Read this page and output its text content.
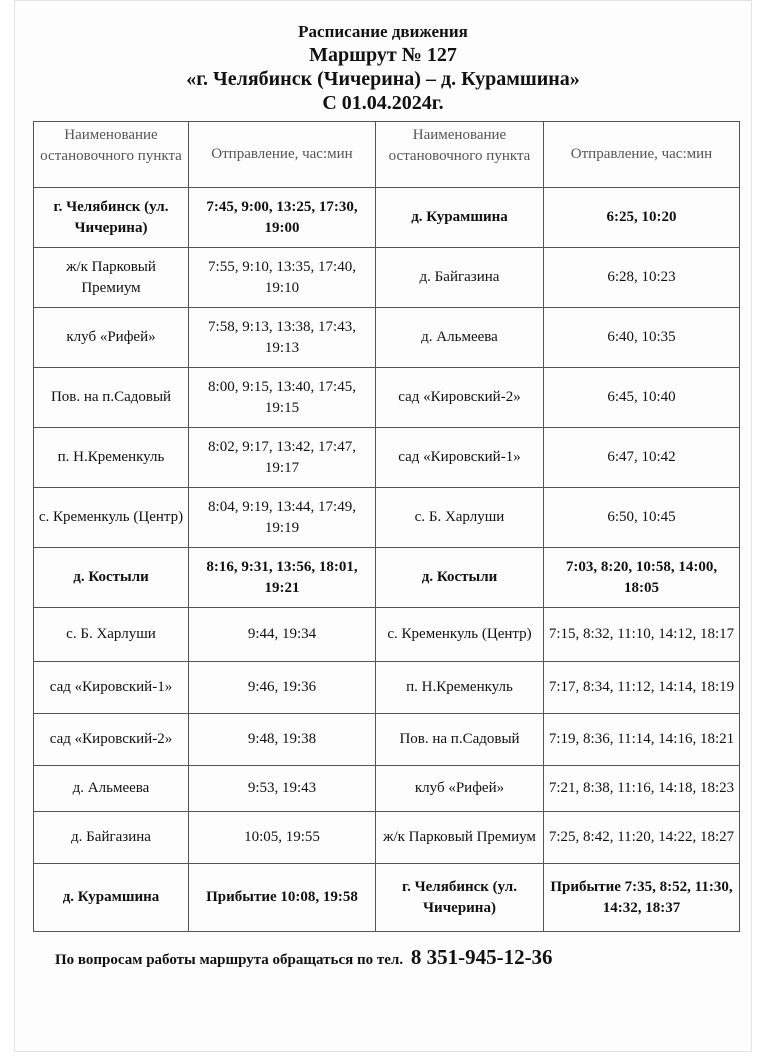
Расписание движения
Маршрут № 127
«г. Челябинск (Чичерина) – д. Курамшина»
С 01.04.2024г.
Наименование остановочного пункта	Отправление, час:мин	Наименование остановочного пункта	Отправление, час:мин
г. Челябинск (ул. Чичерина)	7:45, 9:00, 13:25, 17:30, 19:00	д. Курамшина	6:25, 10:20
ж/к Парковый Премиум	7:55, 9:10, 13:35, 17:40, 19:10	д. Байгазина	6:28, 10:23
клуб «Рифей»	7:58, 9:13, 13:38, 17:43, 19:13	д. Альмеева	6:40, 10:35
Пов. на п.Садовый	8:00, 9:15, 13:40, 17:45, 19:15	сад «Кировский-2»	6:45, 10:40
п. Н.Кременкуль	8:02, 9:17, 13:42, 17:47, 19:17	сад «Кировский-1»	6:47, 10:42
с. Кременкуль (Центр)	8:04, 9:19, 13:44, 17:49, 19:19	с. Б. Харлуши	6:50, 10:45
д. Костыли	8:16, 9:31, 13:56, 18:01, 19:21	д. Костыли	7:03, 8:20, 10:58, 14:00, 18:05
с. Б. Харлуши	9:44, 19:34	с. Кременкуль (Центр)	7:15, 8:32, 11:10, 14:12, 18:17
сад «Кировский-1»	9:46, 19:36	п. Н.Кременкуль	7:17, 8:34, 11:12, 14:14, 18:19
сад «Кировский-2»	9:48, 19:38	Пов. на п.Садовый	7:19, 8:36, 11:14, 14:16, 18:21
д. Альмеева	9:53, 19:43	клуб «Рифей»	7:21, 8:38, 11:16, 14:18, 18:23
д. Байгазина	10:05, 19:55	ж/к Парковый Премиум	7:25, 8:42, 11:20, 14:22, 18:27
д. Курамшина	Прибытие 10:08, 19:58	г. Челябинск (ул. Чичерина)	Прибытие 7:35, 8:52, 11:30, 14:32, 18:37
По вопросам работы маршрута обращаться по тел. 8 351-945-12-36
